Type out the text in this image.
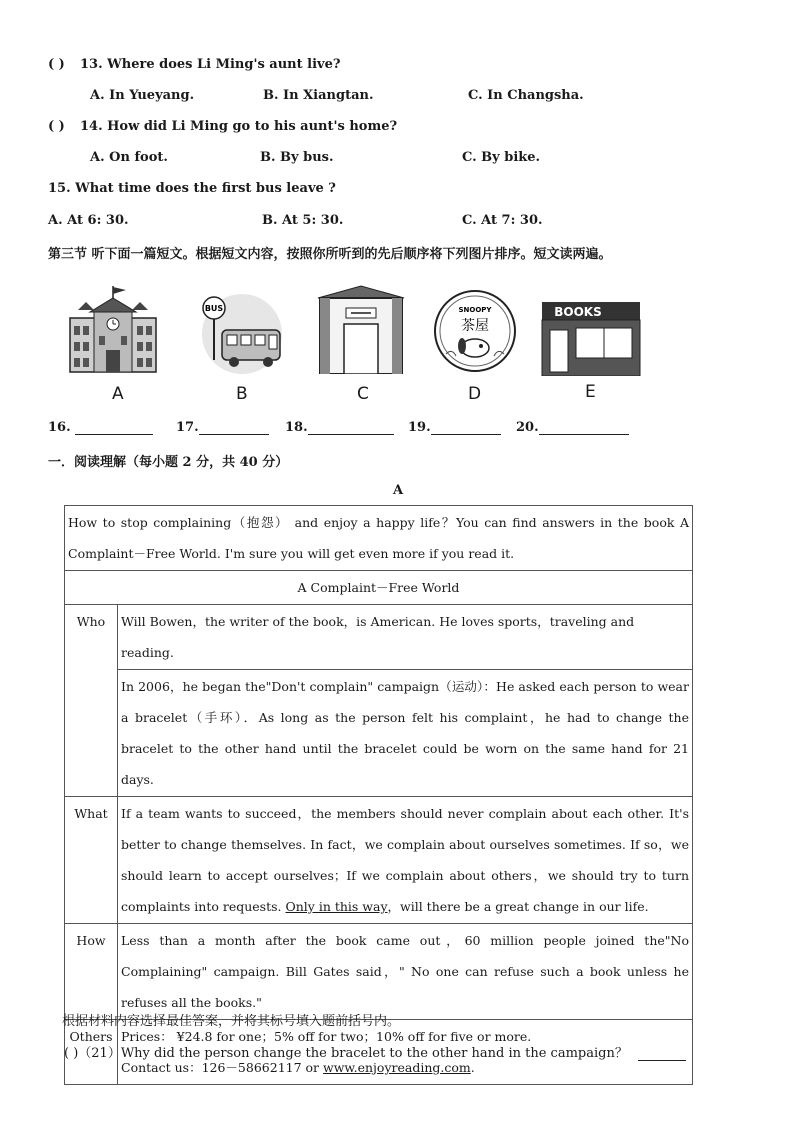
( ) 13. Where does Li Ming's aunt live?
A. In Yueyang.	B. In Xiangtan.	C. In Changsha.
( ) 14. How did Li Ming go to his aunt's home?
A. On foot.	B. By bus.	C. By bike.
15. What time does the first bus leave ?
A. At 6: 30.	B. At 5: 30.	C. At 7: 30.
第三节 听下面一篇短文。根据短文内容，按照你所听到的先后顺序将下列图片排序。短文读两遍。
A
BUS
B	C
SNOOPY
茶屋
D
BOOKS
E
16.	17.	18.	19.	20.
一．阅读理解（每小题 2 分，共 40 分）
A
How to stop complaining（抱怨） and enjoy a happy life？You can find answers in the book A Complaint－Free World. I'm sure you will get even more if you read it.	
A Complaint－Free World	
Who	Will Bowen，the writer of the book，is American. He loves sports，traveling and reading.
	In 2006，he began the"Don't complain" campaign（运动）：He asked each person to wear a bracelet（手环）．As long as the person felt his complaint，he had to change the bracelet to the other hand until the bracelet could be worn on the same hand for 21 days.
What	If a team wants to succeed，the members should never complain about each other. It's better to change themselves. In fact，we complain about ourselves sometimes. If so，we should learn to accept ourselves；If we complain about others，we should try to turn complaints into requests. Only in this way，will there be a great change in our life.
How	Less than a month after the book came out，60 million people joined the"No Complaining" campaign. Bill Gates said，" No one can refuse such a book unless he refuses all the books."
Others	Prices： ¥24.8 for one；5% off for two；10% off for five or more.
Contact us：126－58662117 or www.enjoyreading.com.
根据材料内容选择最佳答案，并将其标号填入题前括号内。
( )（21）Why did the person change the bracelet to the other hand in the campaign？
